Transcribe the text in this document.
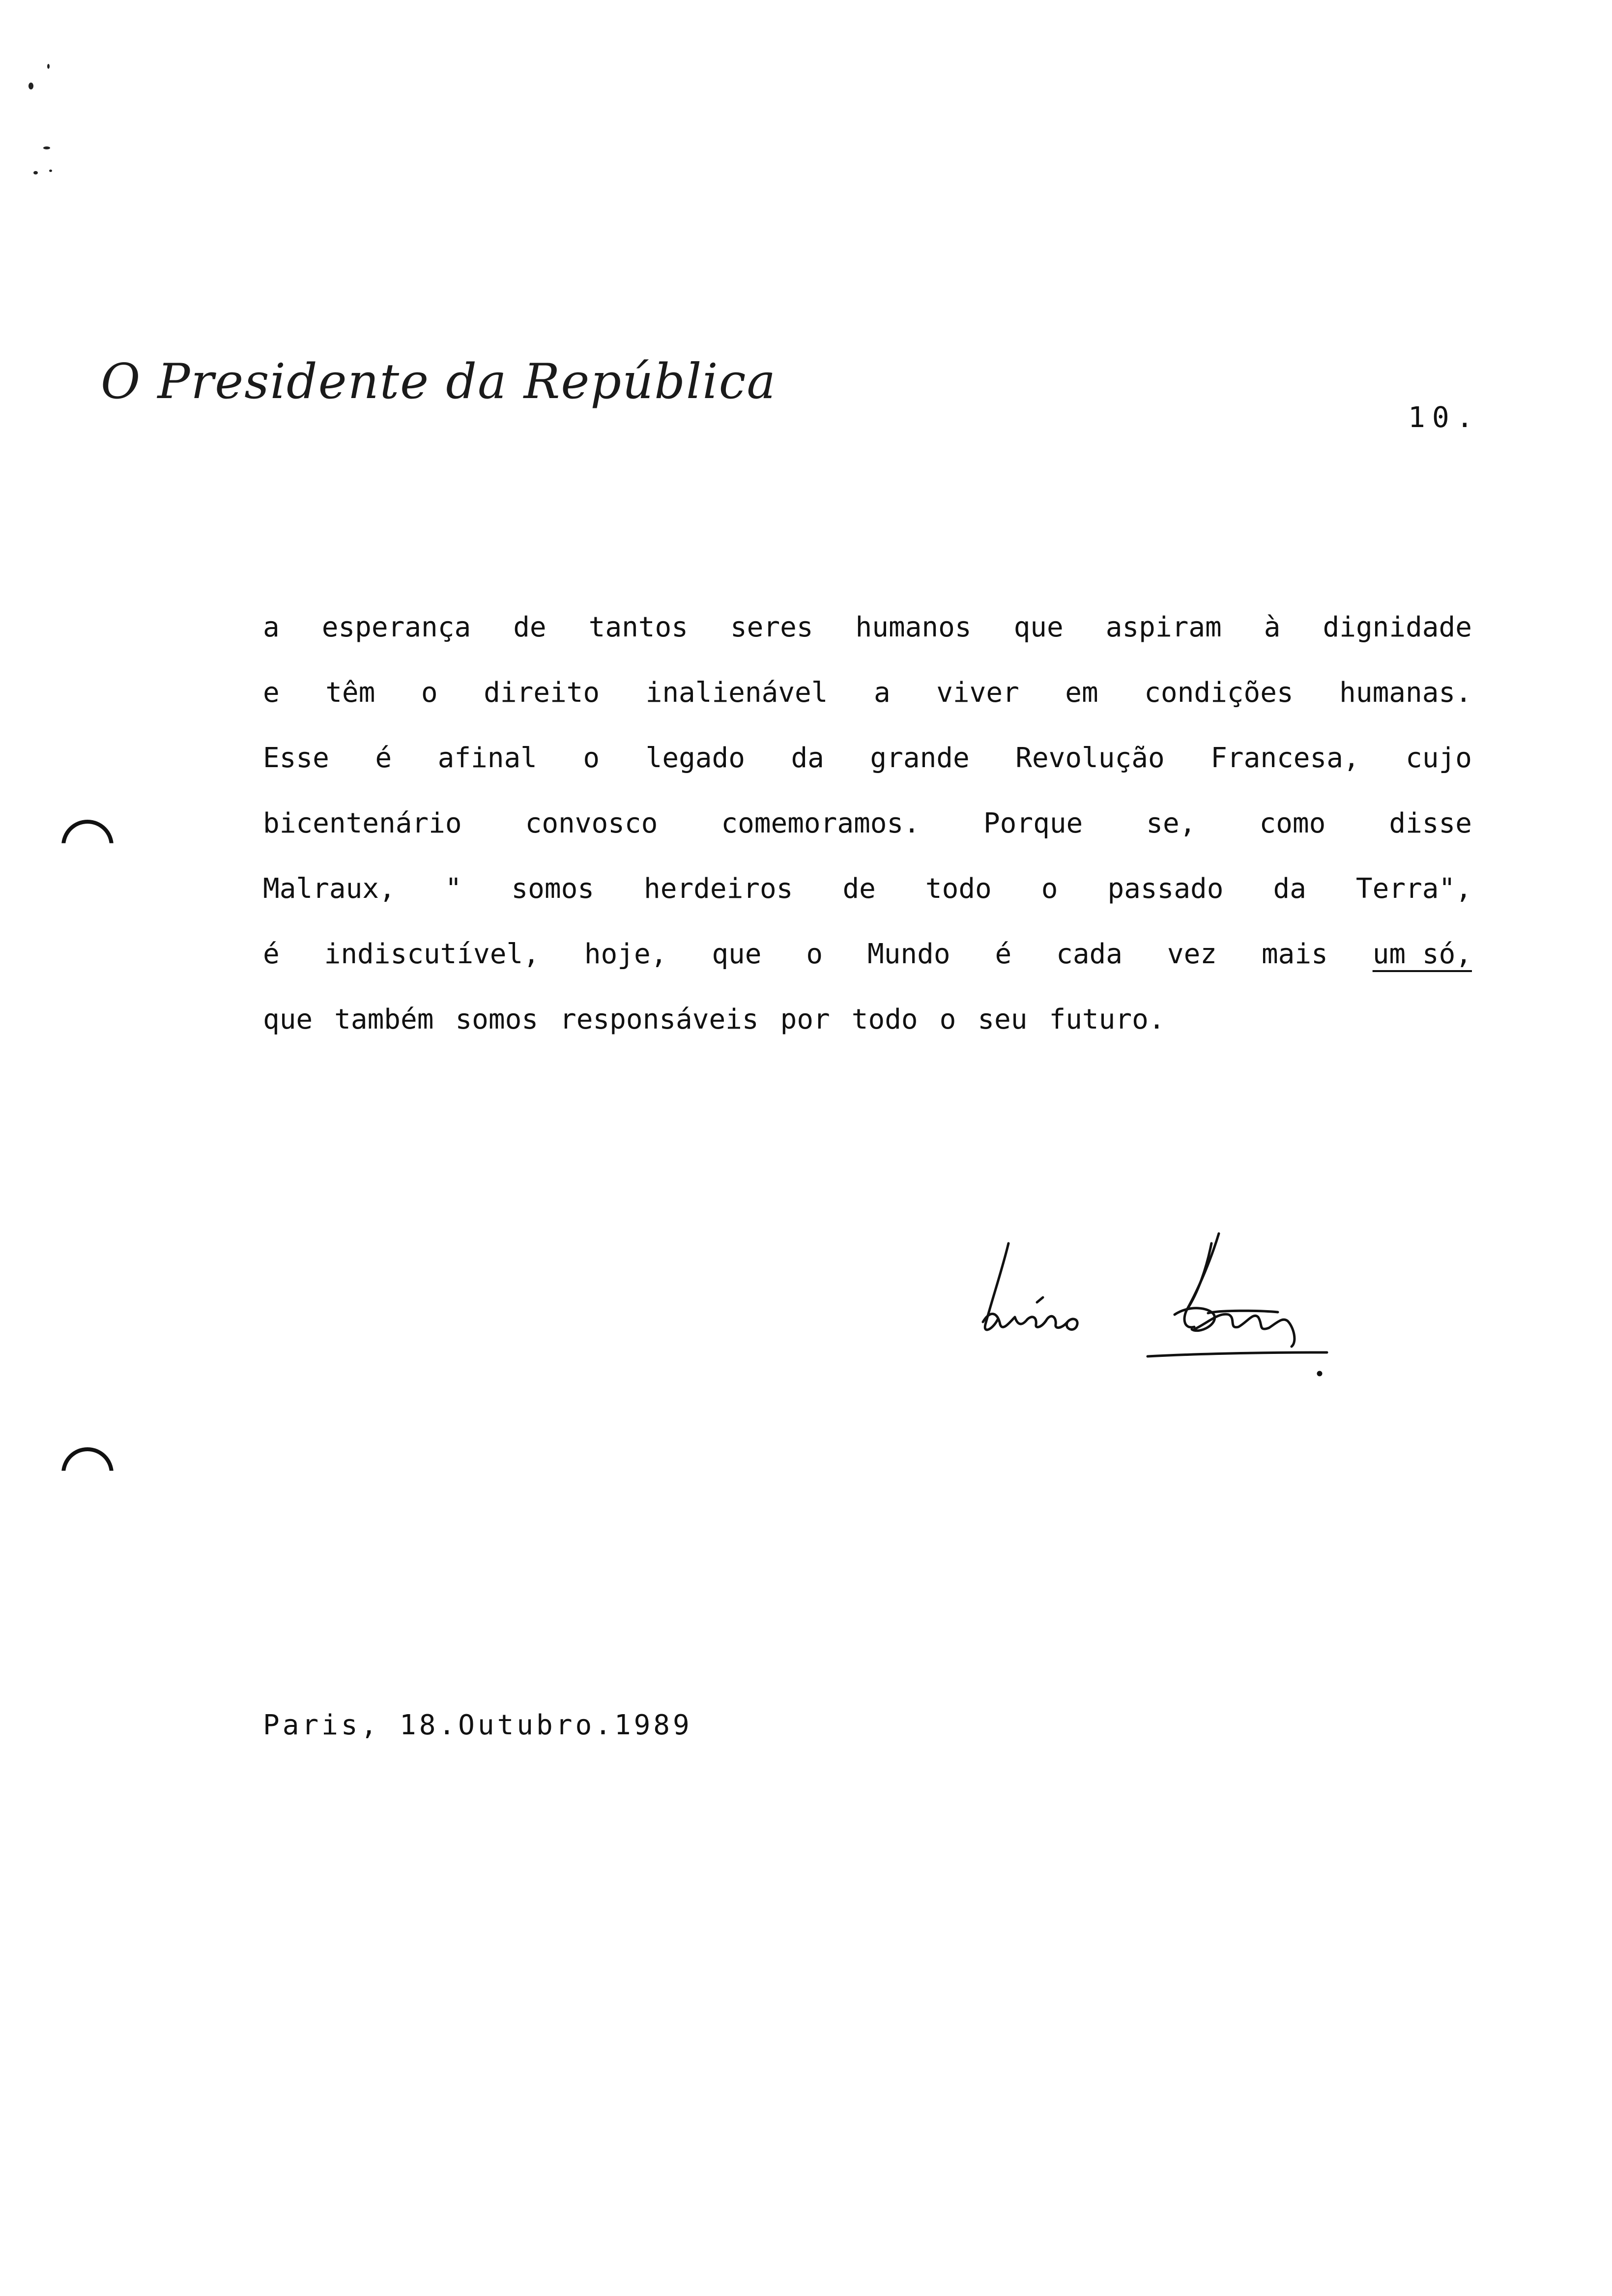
O Presidente da República
10.
a esperança de tantos seres humanos que aspiram à dignidade
e têm o direito inalienável a viver em condições humanas.
Esse é afinal o legado da grande Revolução Francesa, cujo
bicentenário convosco comemoramos. Porque se, como disse
Malraux, " somos herdeiros de todo o passado da Terra",
é indiscutível, hoje, que o Mundo é cada vez mais um só,
que também somos responsáveis por todo o seu futuro.
Paris, 18.Outubro.1989
